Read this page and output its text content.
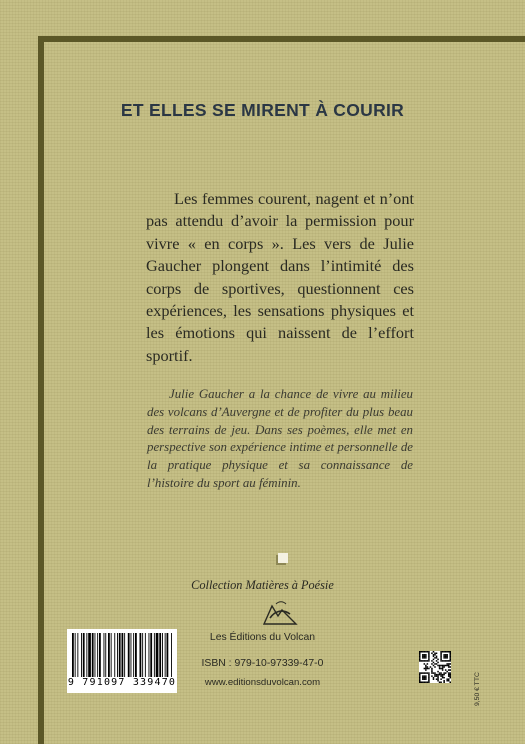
ET ELLES SE MIRENT À COURIR
Les femmes courent, nagent et n’ont pas attendu d’avoir la permission pour vivre « en corps ». Les vers de Julie Gaucher plongent dans l’intimité des corps de sportives, questionnent ces expériences, les sensations physiques et les émotions qui naissent de l’effort sportif.
Julie Gaucher a la chance de vivre au milieu des volcans d’Auvergne et de profiter du plus beau des terrains de jeu. Dans ses poèmes, elle met en perspective son expérience intime et personnelle de la pratique physique et sa connaissance de l’histoire du sport au féminin.
Collection Matières à Poésie
Les Éditions du Volcan
ISBN : 979-10-97339-47-0
www.editionsduvolcan.com
9 791097 339470	9,50 € TTC
